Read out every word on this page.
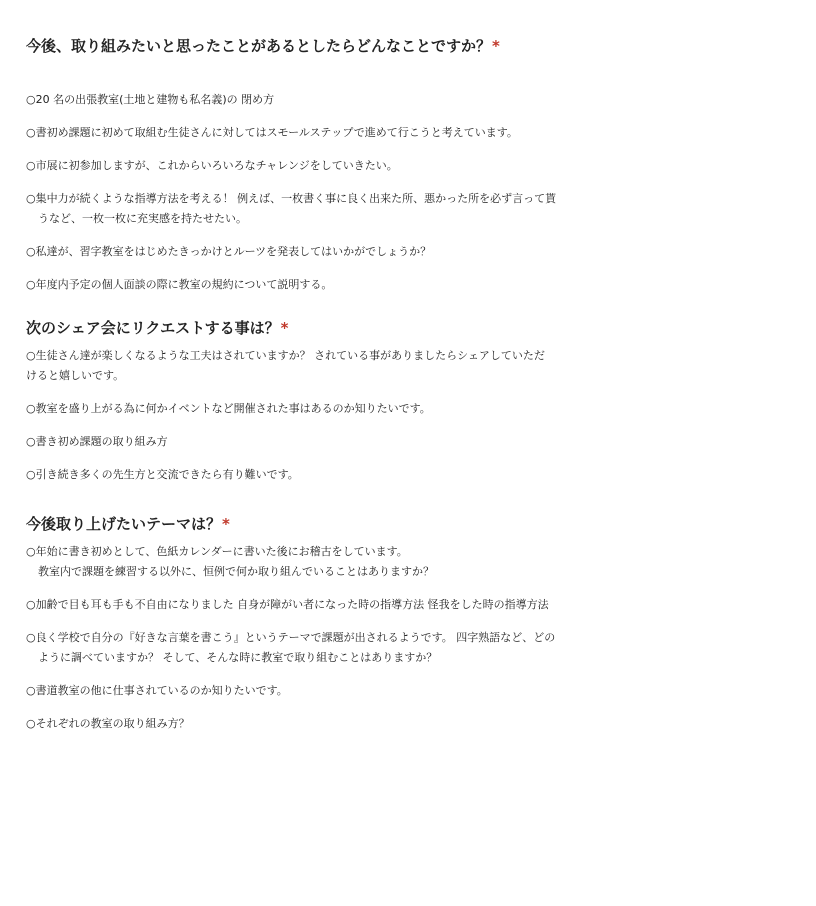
今後、取り組みたいと思ったことがあるとしたらどんなことですか？*

○20 名の出張教室(土地と建物も私名義)の 閉め方

○書初め課題に初めて取組む生徒さんに対してはスモールステップで進めて行こうと考えています。

○市展に初参加しますが、これからいろいろなチャレンジをしていきたい。

○集中力が続くような指導方法を考える！ 例えば、一枚書く事に良く出来た所、悪かった所を必ず言って貰
うなど、一枚一枚に充実感を持たせたい。

○私達が、習字教室をはじめたきっかけとルーツを発表してはいかがでしょうか？

○年度内予定の個人面談の際に教室の規約について説明する。

次のシェア会にリクエストする事は？*

○生徒さん達が楽しくなるような工夫はされていますか？ されている事がありましたらシェアしていただ
けると嬉しいです。

○教室を盛り上がる為に何かイベントなど開催された事はあるのか知りたいです。

○書き初め課題の取り組み方

○引き続き多くの先生方と交流できたら有り難いです。

今後取り上げたいテーマは？*

○年始に書き初めとして、色紙カレンダーに書いた後にお稽古をしています。
教室内で課題を練習する以外に、恒例で何か取り組んでいることはありますか？

○加齢で目も耳も手も不自由になりました 自身が障がい者になった時の指導方法 怪我をした時の指導方法

○良く学校で自分の『好きな言葉を書こう』というテーマで課題が出されるようです。 四字熟語など、どの
ように調べていますか？ そして、そんな時に教室で取り組むことはありますか？

○書道教室の他に仕事されているのか知りたいです。

○それぞれの教室の取り組み方？
